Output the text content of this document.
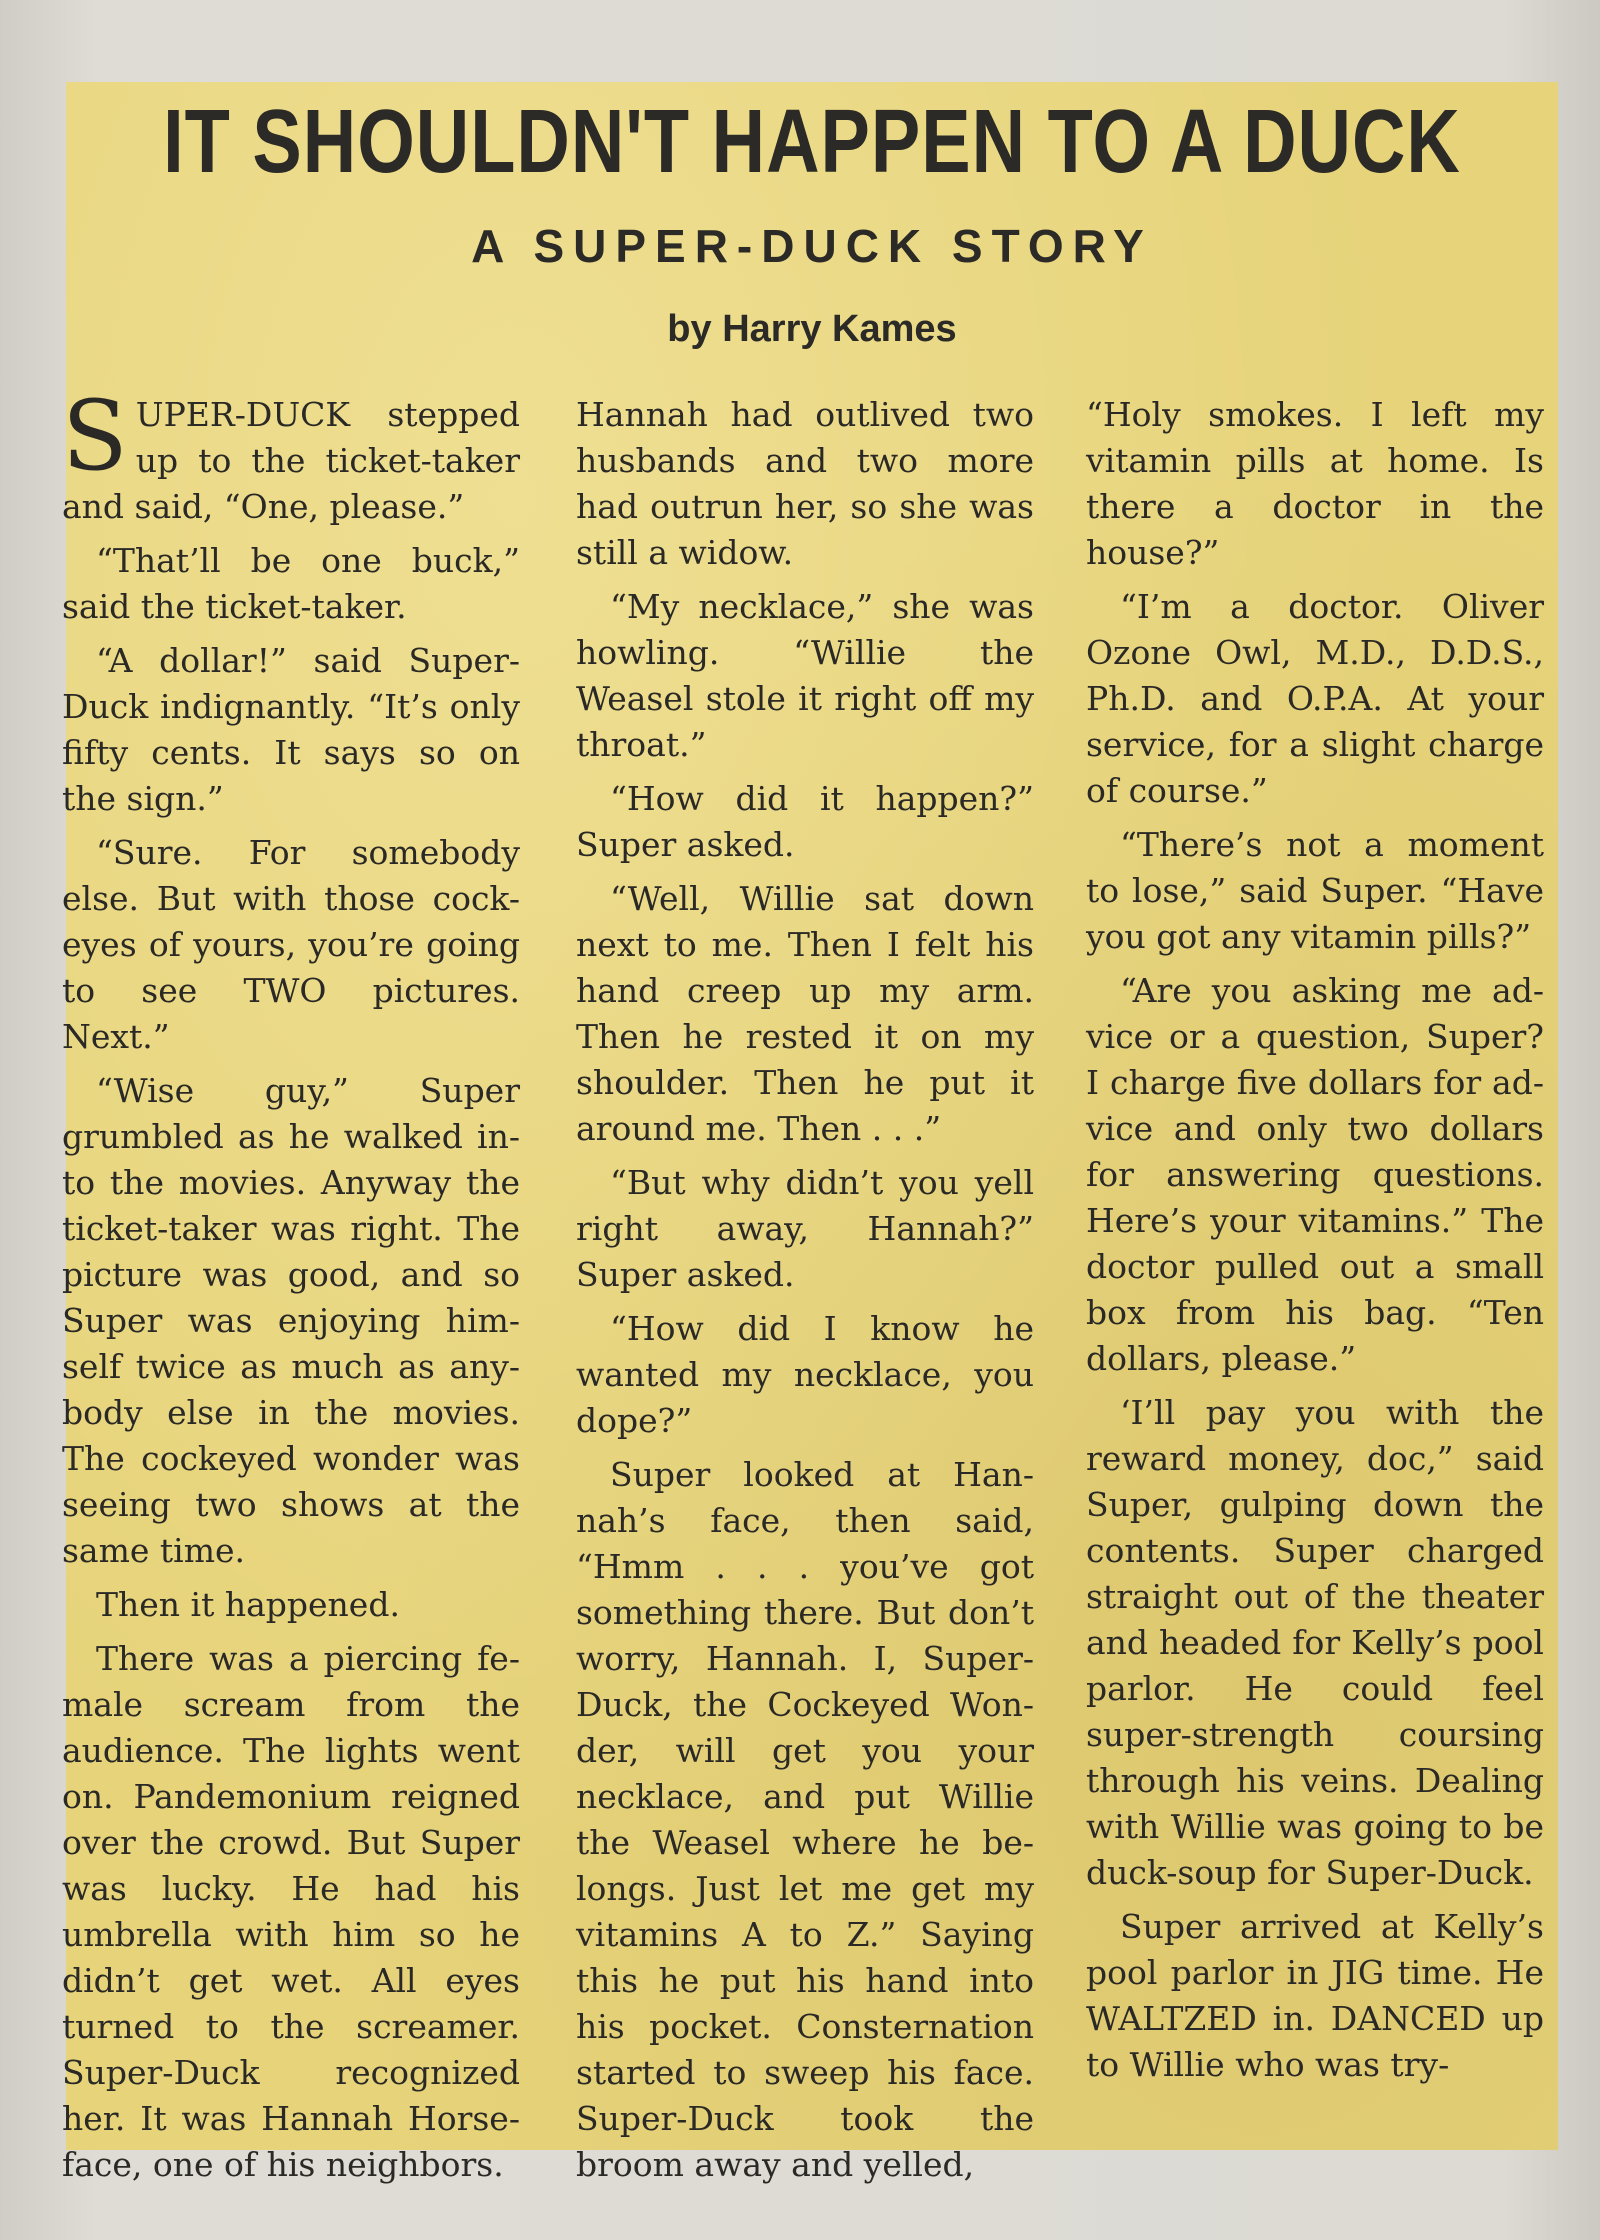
IT SHOULDN'T HAPPEN TO A DUCK
A SUPER-DUCK STORY
by Harry Kames

SUPER-DUCK stepped up to the ticket-taker and said, “One, please.”

“That’ll be one buck,” said the ticket-taker.

“A dollar!” said Super-Duck indignantly. “It’s only fifty cents. It says so on the sign.”

“Sure. For somebody else. But with those cock-eyes of yours, you’re going to see TWO pictures. Next.”

“Wise guy,” Super grumbled as he walked in-to the movies. Anyway the ticket-taker was right. The picture was good, and so Super was enjoying him-self twice as much as any-body else in the movies. The cockeyed wonder was seeing two shows at the same time.

Then it happened.

There was a piercing fe-male scream from the audience. The lights went on. Pandemonium reigned over the crowd. But Super was lucky. He had his umbrella with him so he didn’t get wet. All eyes turned to the screamer. Super-Duck recognized her. It was Hannah Horse-face, one of his neighbors.

Hannah had outlived two husbands and two more had outrun her, so she was still a widow.

“My necklace,” she was howling. “Willie the Weasel stole it right off my throat.”

“How did it happen?” Super asked.

“Well, Willie sat down next to me. Then I felt his hand creep up my arm. Then he rested it on my shoulder. Then he put it around me. Then . . .”

“But why didn’t you yell right away, Hannah?” Super asked.

“How did I know he wanted my necklace, you dope?”

Super looked at Han-nah’s face, then said, “Hmm . . . you’ve got something there. But don’t worry, Hannah. I, Super-Duck, the Cockeyed Won-der, will get you your necklace, and put Willie the Weasel where he be-longs. Just let me get my vitamins A to Z.” Saying this he put his hand into his pocket. Consternation started to sweep his face. Super-Duck took the broom away and yelled,

“Holy smokes. I left my vitamin pills at home. Is there a doctor in the house?”

“I’m a doctor. Oliver Ozone Owl, M.D., D.D.S., Ph.D. and O.P.A. At your service, for a slight charge of course.”

“There’s not a moment to lose,” said Super. “Have you got any vitamin pills?”

“Are you asking me ad-vice or a question, Super? I charge five dollars for ad-vice and only two dollars for answering questions. Here’s your vitamins.” The doctor pulled out a small box from his bag. “Ten dollars, please.”

‘I’ll pay you with the reward money, doc,” said Super, gulping down the contents. Super charged straight out of the theater and headed for Kelly’s pool parlor. He could feel super-strength coursing through his veins. Dealing with Willie was going to be duck-soup for Super-Duck.

Super arrived at Kelly’s pool parlor in JIG time. He WALTZED in. DANCED up to Willie who was try-
